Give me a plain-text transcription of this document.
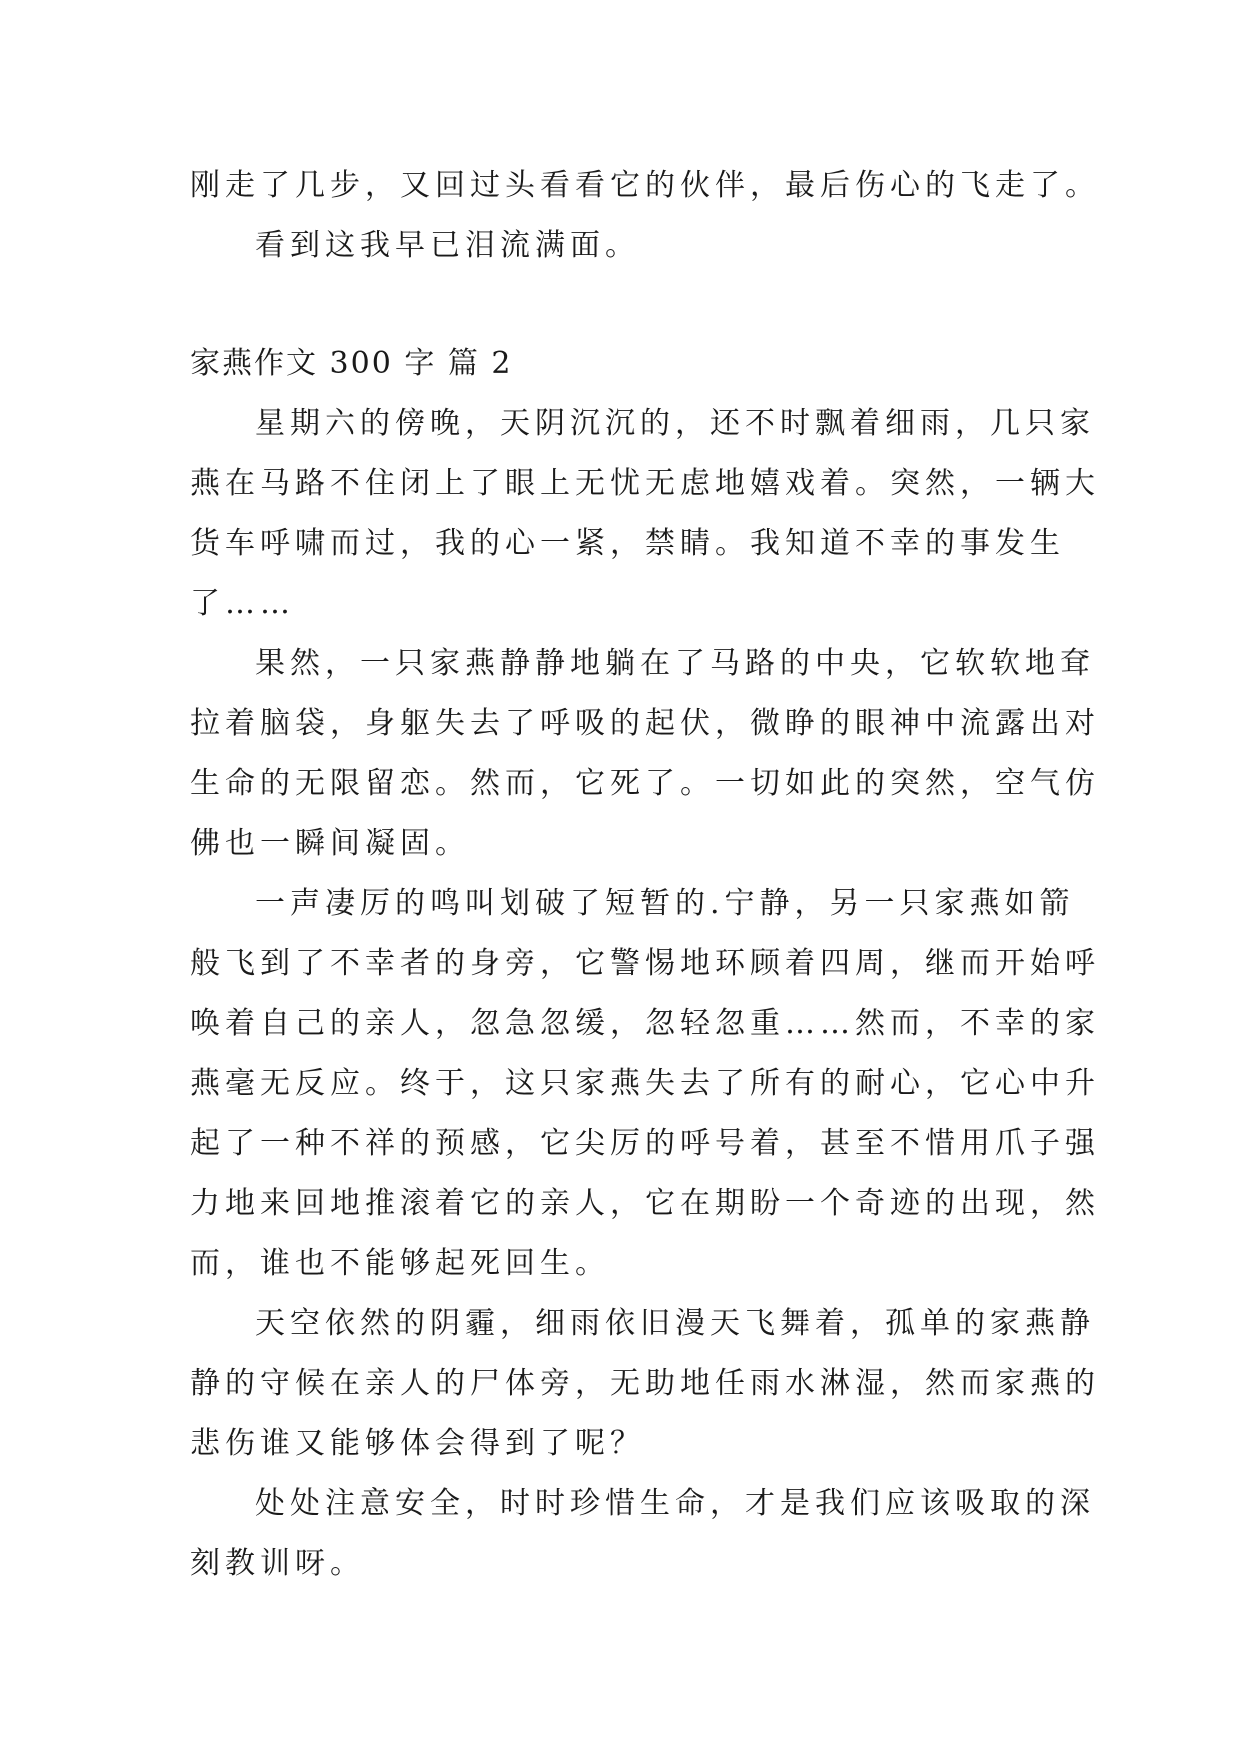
刚走了几步，又回过头看看它的伙伴，最后伤心的飞走了。
看到这我早已泪流满面。
家燕作文 300 字 篇 2
星期六的傍晚，天阴沉沉的，还不时飘着细雨，几只家
燕在马路不住闭上了眼上无忧无虑地嬉戏着。突然，一辆大
货车呼啸而过，我的心一紧，禁睛。我知道不幸的事发生
了……
果然，一只家燕静静地躺在了马路的中央，它软软地耷
拉着脑袋，身躯失去了呼吸的起伏，微睁的眼神中流露出对
生命的无限留恋。然而，它死了。一切如此的突然，空气仿
佛也一瞬间凝固。
一声凄厉的鸣叫划破了短暂的.宁静，另一只家燕如箭
般飞到了不幸者的身旁，它警惕地环顾着四周，继而开始呼
唤着自己的亲人，忽急忽缓，忽轻忽重……然而，不幸的家
燕毫无反应。终于，这只家燕失去了所有的耐心，它心中升
起了一种不祥的预感，它尖厉的呼号着，甚至不惜用爪子强
力地来回地推滚着它的亲人，它在期盼一个奇迹的出现，然
而，谁也不能够起死回生。
天空依然的阴霾，细雨依旧漫天飞舞着，孤单的家燕静
静的守候在亲人的尸体旁，无助地任雨水淋湿，然而家燕的
悲伤谁又能够体会得到了呢？
处处注意安全，时时珍惜生命，才是我们应该吸取的深
刻教训呀。
